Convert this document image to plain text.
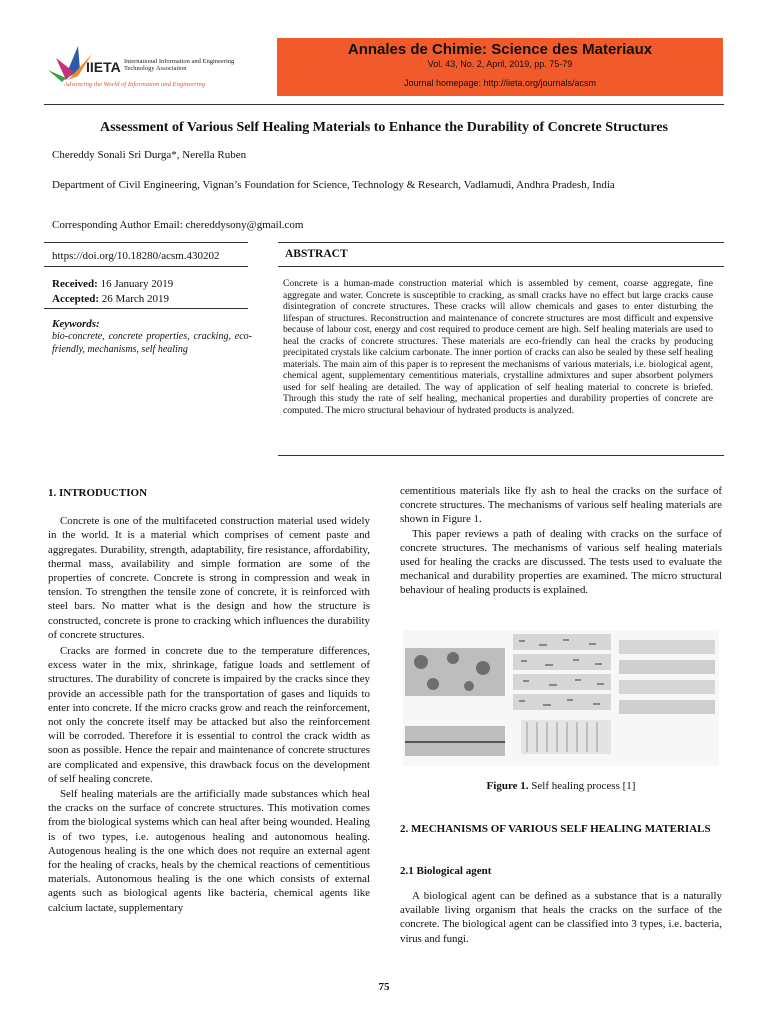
IIETA International Information and Engineering Technology Association
Advancing the World of Information and Engineering
Annales de Chimie: Science des Materiaux
Vol. 43, No. 2, April, 2019, pp. 75-79
Journal homepage: http://iieta.org/journals/acsm
Assessment of Various Self Healing Materials to Enhance the Durability of Concrete Structures
Chereddy Sonali Sri Durga*, Nerella Ruben
Department of Civil Engineering, Vignan’s Foundation for Science, Technology & Research, Vadlamudi, Andhra Pradesh, India
Corresponding Author Email: chereddysony@gmail.com
https://doi.org/10.18280/acsm.430202
Received: 16 January 2019
Accepted: 26 March 2019
Keywords:
bio-concrete, concrete properties, cracking, eco-friendly, mechanisms, self healing
ABSTRACT
Concrete is a human-made construction material which is assembled by cement, coarse aggregate, fine aggregate and water. Concrete is susceptible to cracking, as small cracks have no effect but large cracks cause disintegration of concrete structures. These cracks will allow chemicals and gases to enter disturbing the lifespan of structures. Reconstruction and maintenance of concrete structures are most difficult and expensive because of labour cost, energy and cost required to produce cement are high. Self healing materials are used to heal the cracks of concrete structures. These materials are eco-friendly can heal the cracks by producing precipitated crystals like calcium carbonate. The inner portion of cracks can also be sealed by these self healing materials. The main aim of this paper is to represent the mechanisms of various materials, i.e. biological agent, chemical agent, supplementary cementitious materials, crystalline admixtures and super absorbent polymers used for self healing are detailed. The way of application of self healing material to concrete is briefed. Through this study the rate of self healing, mechanical properties and durability properties of concrete are computed. The micro structural behaviour of hydrated products is analyzed.
1. INTRODUCTION

Concrete is one of the multifaceted construction material used widely in the world. It is a material which comprises of cement paste and aggregates. Durability, strength, adaptability, fire resistance, affordability, thermal mass, availability and simple formation are some of the properties of concrete. Concrete is strong in compression and weak in tension. To strengthen the tensile zone of concrete, it is reinforced with steel bars. No matter what is the design and how the structure is constructed, concrete is prone to cracking which influences the durability of concrete structures.

Cracks are formed in concrete due to the temperature differences, excess water in the mix, shrinkage, fatigue loads and settlement of structures. The durability of concrete is impaired by the cracks since they provide an accessible path for the transportation of gases and liquids to enter into concrete. If the micro cracks grow and reach the reinforcement, not only the concrete itself may be attacked but also the reinforcement will be corroded. Therefore it is essential to control the crack width as soon as possible. Hence the repair and maintenance of concrete structures are complicated and expensive, this drawback focus on the development of self healing concrete.

Self healing materials are the artificially made substances which heal the cracks on the surface of concrete structures. This motivation comes from the biological systems which can heal after being wounded. Healing is of two types, i.e. autogenous healing and autonomous healing. Autogenous healing is the one which does not require an external agent for the healing of cracks, heals by the chemical reactions of cementitious materials. Autonomous healing is the one which consists of external agents such as biological agents like bacteria, chemical agents like calcium lactate, supplementary

cementitious materials like fly ash to heal the cracks on the surface of concrete structures. The mechanisms of various self healing materials are shown in Figure 1.

This paper reviews a path of dealing with cracks on the surface of concrete structures. The mechanisms of various self healing materials used for healing the cracks are discussed. The tests used to evaluate the mechanical and durability properties are examined. The micro structural behaviour of healing products is explained.

Figure 1. Self healing process [1]
2. MECHANISMS OF VARIOUS SELF HEALING MATERIALS
2.1 Biological agent

A biological agent can be defined as a substance that is a naturally available living organism that heals the cracks on the surface of the concrete. The biological agent can be classified into 3 types, i.e. bacteria, virus and fungi.

75
